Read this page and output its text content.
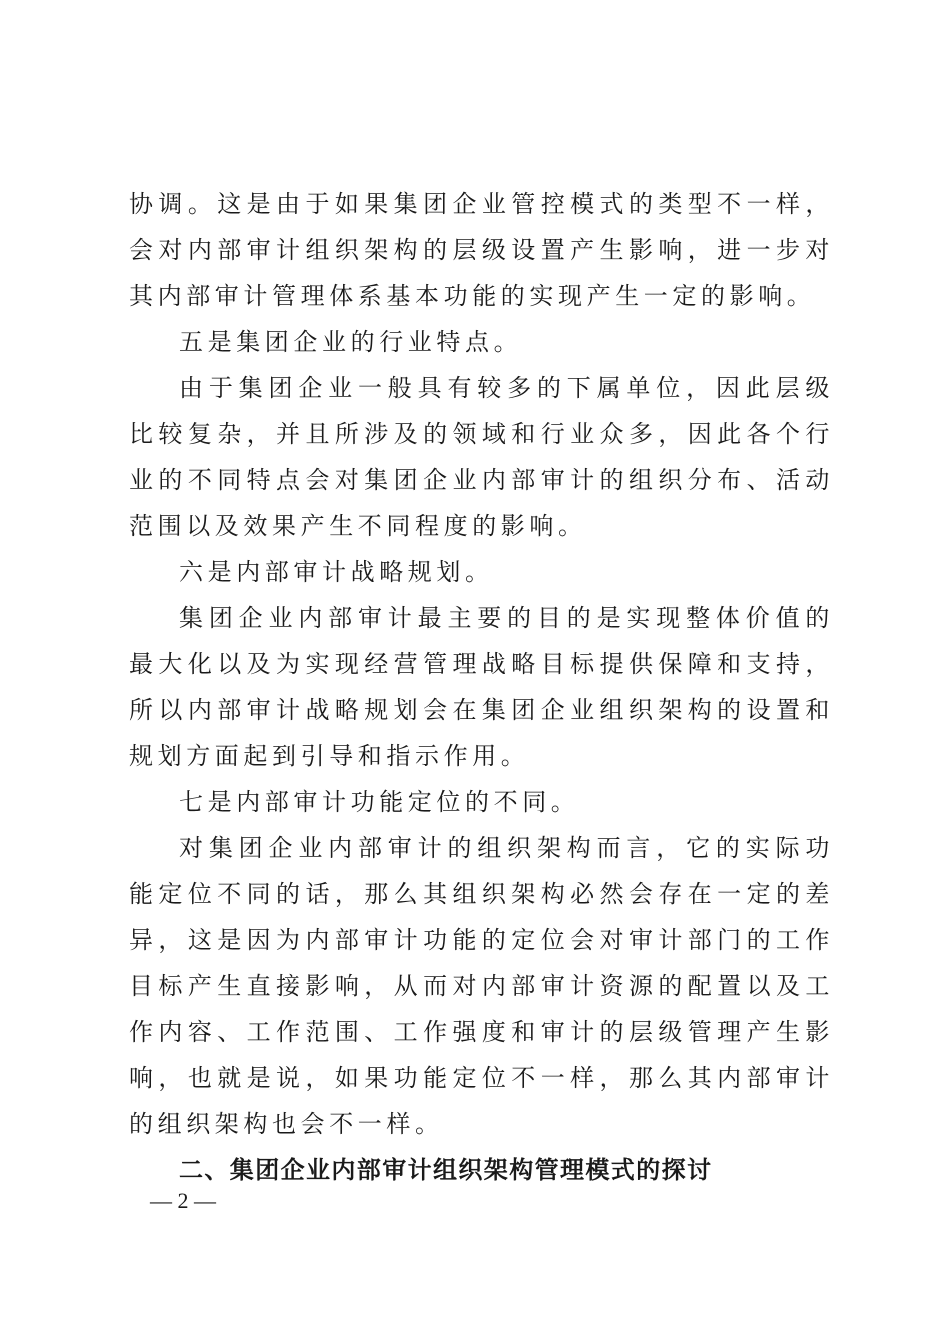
协调。这是由于如果集团企业管控模式的类型不一样，会对内部审计组织架构的层级设置产生影响，进一步对其内部审计管理体系基本功能的实现产生一定的影响。

五是集团企业的行业特点。

由于集团企业一般具有较多的下属单位，因此层级比较复杂，并且所涉及的领域和行业众多，因此各个行业的不同特点会对集团企业内部审计的组织分布、活动范围以及效果产生不同程度的影响。

六是内部审计战略规划。

集团企业内部审计最主要的目的是实现整体价值的最大化以及为实现经营管理战略目标提供保障和支持，所以内部审计战略规划会在集团企业组织架构的设置和规划方面起到引导和指示作用。

七是内部审计功能定位的不同。

对集团企业内部审计的组织架构而言，它的实际功能定位不同的话，那么其组织架构必然会存在一定的差异，这是因为内部审计功能的定位会对审计部门的工作目标产生直接影响，从而对内部审计资源的配置以及工作内容、工作范围、工作强度和审计的层级管理产生影响，也就是说，如果功能定位不一样，那么其内部审计的组织架构也会不一样。

二、集团企业内部审计组织架构管理模式的探讨

— 2 —
